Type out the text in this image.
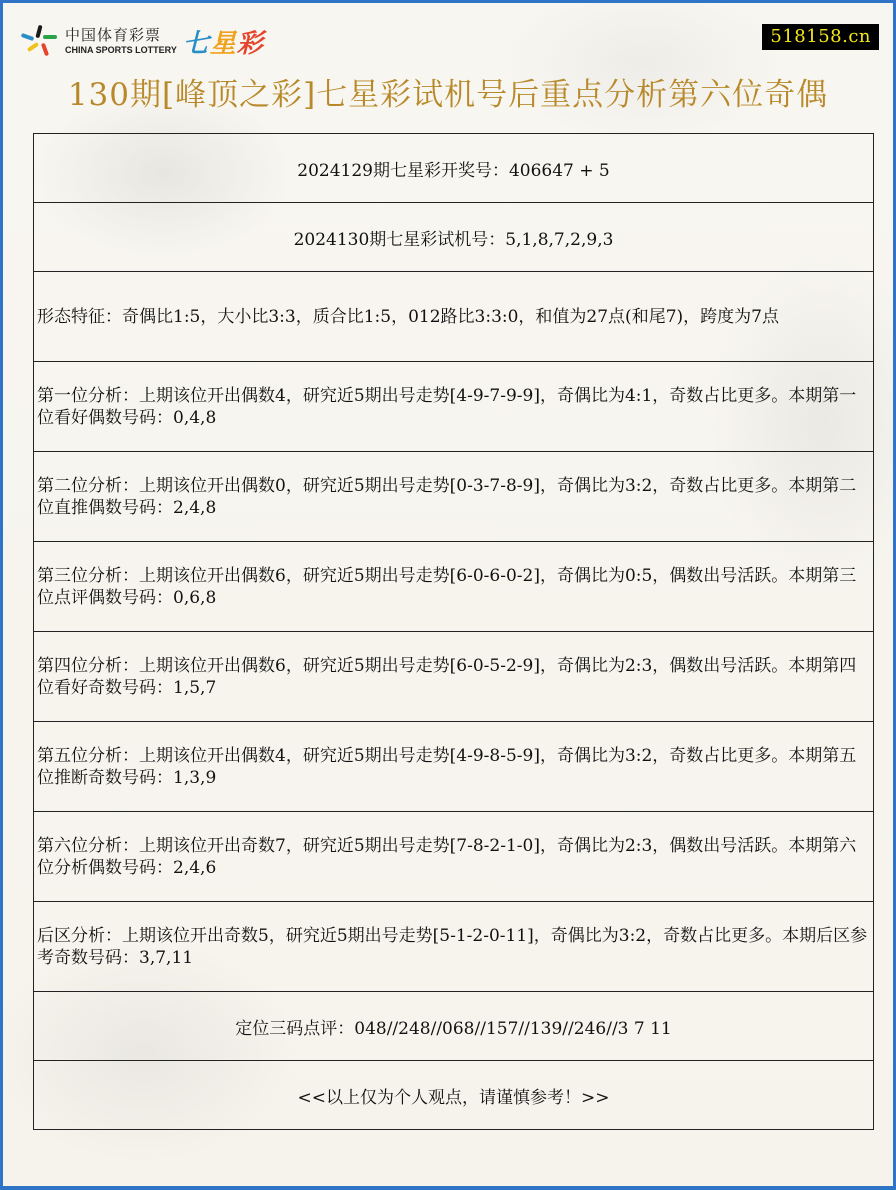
中国体育彩票
CHINA SPORTS LOTTERY 七星彩	518158.cn
130期[峰顶之彩]七星彩试机号后重点分析第六位奇偶
2024129期七星彩开奖号：406647 + 5
2024130期七星彩试机号：5,1,8,7,2,9,3
形态特征：奇偶比1:5，大小比3:3，质合比1:5，012路比3:3:0，和值为27点(和尾7)，跨度为7点
第一位分析：上期该位开出偶数4，研究近5期出号走势[4-9-7-9-9]，奇偶比为4:1，奇数占比更多。本期第一位看好偶数号码：0,4,8
第二位分析：上期该位开出偶数0，研究近5期出号走势[0-3-7-8-9]，奇偶比为3:2，奇数占比更多。本期第二位直推偶数号码：2,4,8
第三位分析：上期该位开出偶数6，研究近5期出号走势[6-0-6-0-2]，奇偶比为0:5，偶数出号活跃。本期第三位点评偶数号码：0,6,8
第四位分析：上期该位开出偶数6，研究近5期出号走势[6-0-5-2-9]，奇偶比为2:3，偶数出号活跃。本期第四位看好奇数号码：1,5,7
第五位分析：上期该位开出偶数4，研究近5期出号走势[4-9-8-5-9]，奇偶比为3:2，奇数占比更多。本期第五位推断奇数号码：1,3,9
第六位分析：上期该位开出奇数7，研究近5期出号走势[7-8-2-1-0]，奇偶比为2:3，偶数出号活跃。本期第六位分析偶数号码：2,4,6
后区分析：上期该位开出奇数5，研究近5期出号走势[5-1-2-0-11]，奇偶比为3:2，奇数占比更多。本期后区参考奇数号码：3,7,11
定位三码点评：048//248//068//157//139//246//3 7 11
<<以上仅为个人观点，请谨慎参考！>>
